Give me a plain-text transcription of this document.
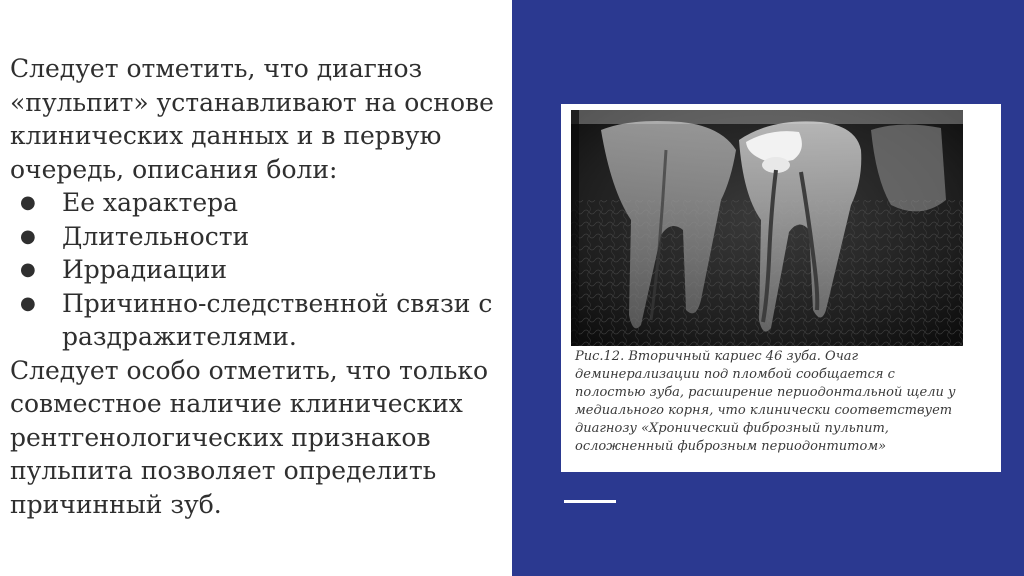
Следует отметить, что диагноз «пульпит» устанавливают на основе клинических данных и в первую очередь, описания боли:

● Ее характера
● Длительности
● Иррадиации
● Причинно-следственной связи с раздражителями.

Следует особо отметить, что только совместное наличие клинических рентгенологических признаков пульпита позволяет определить причинный зуб.

Рис.12. Вторичный кариес 46 зуба. Очаг
деминерализации под пломбой сообщается с
полостью зуба, расширение периодонтальной щели у
медиального корня, что клинически соответствует
диагнозу «Хронический фиброзный пульпит,
осложненный фиброзным периодонтитом»
